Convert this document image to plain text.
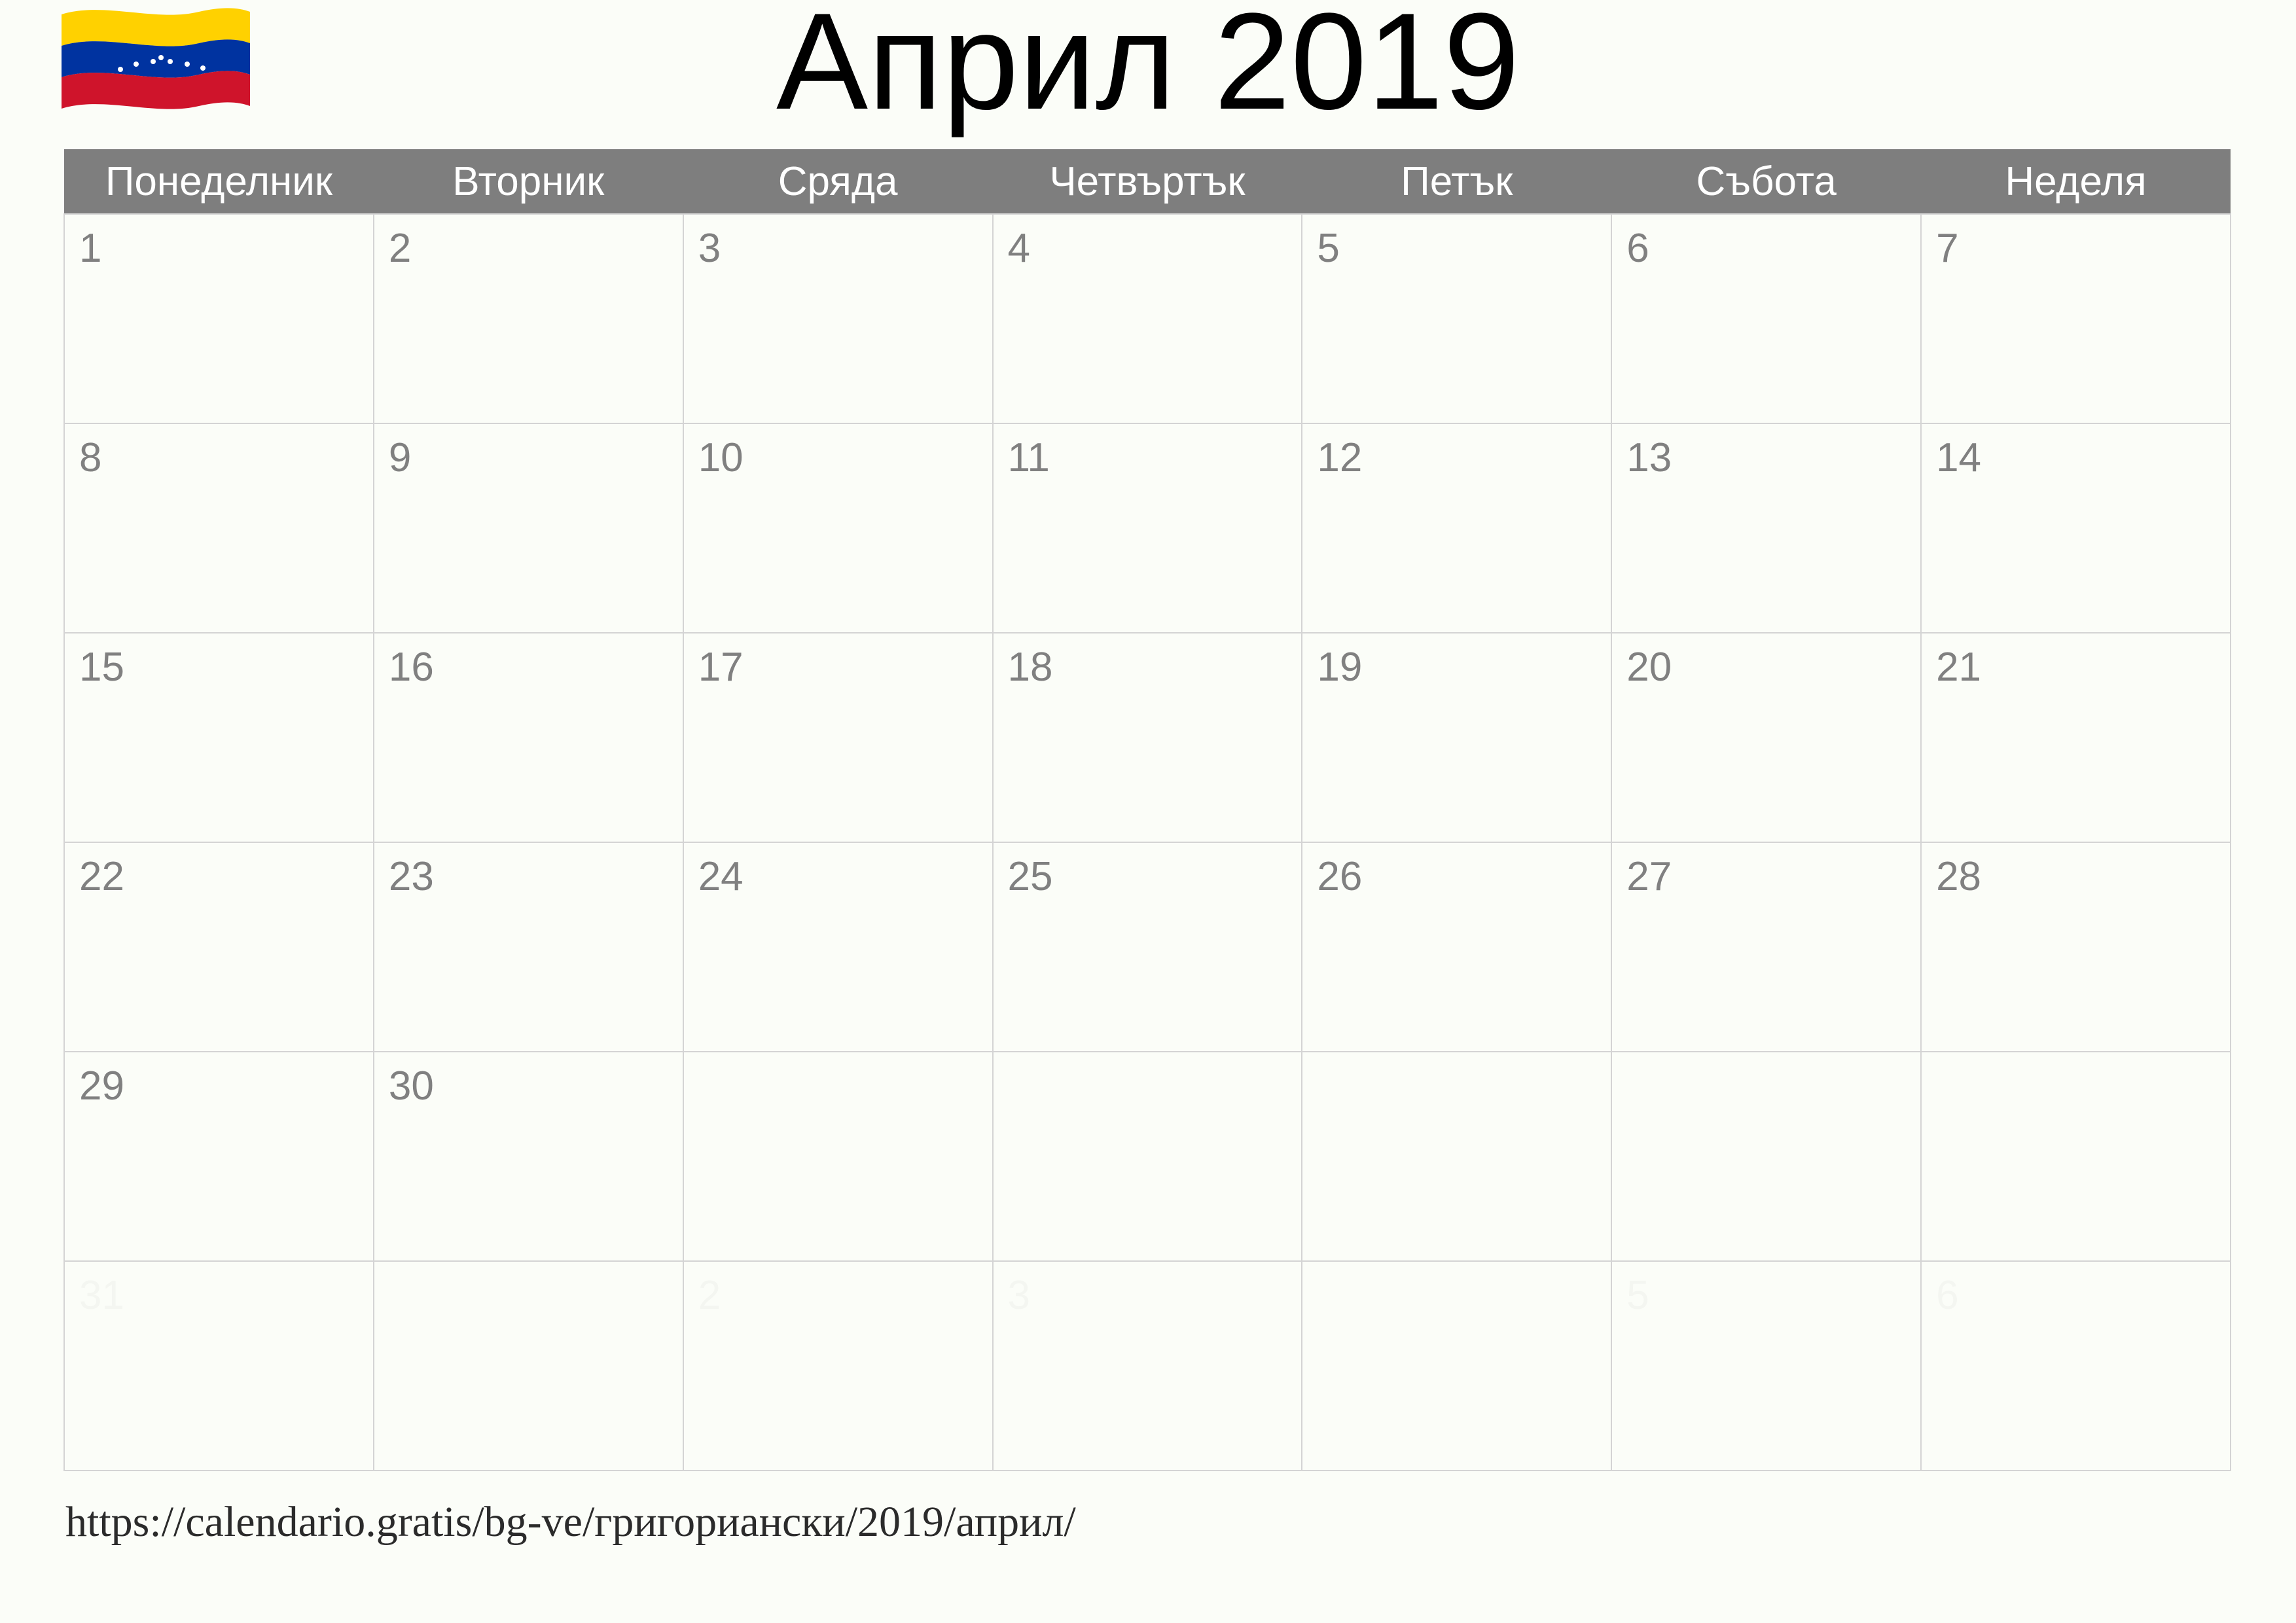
Април 2019
Понеделник	Вторник	Сряда	Четвъртък	Петък	Събота	Неделя

1	2	3	4	5	6	7

8	9	10	11	12	13	14

15	16	17	18	19	20	21

22	23	24	25	26	27	28

29	30					

31		2	3		5	6
https://calendario.gratis/bg-ve/григориански/2019/април/
